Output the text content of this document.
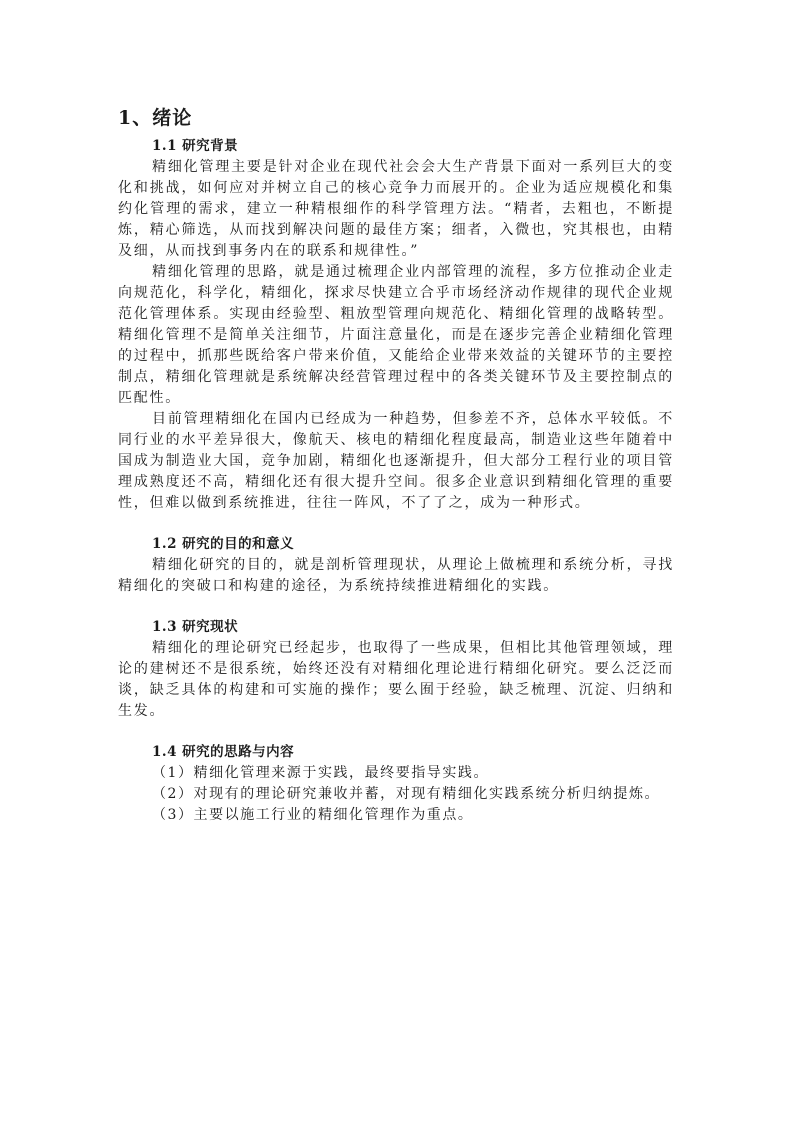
1、绪论
1.1 研究背景

精细化管理主要是针对企业在现代社会会大生产背景下面对一系列巨大的变化和挑战，如何应对并树立自己的核心竞争力而展开的。企业为适应规模化和集约化管理的需求，建立一种精根细作的科学管理方法。“精者，去粗也，不断提炼，精心筛选，从而找到解决问题的最佳方案；细者，入微也，究其根也，由精及细，从而找到事务内在的联系和规律性。”

精细化管理的思路，就是通过梳理企业内部管理的流程，多方位推动企业走向规范化，科学化，精细化，探求尽快建立合乎市场经济动作规律的现代企业规范化管理体系。实现由经验型、粗放型管理向规范化、精细化管理的战略转型。精细化管理不是简单关注细节，片面注意量化，而是在逐步完善企业精细化管理的过程中，抓那些既给客户带来价值，又能给企业带来效益的关键环节的主要控制点，精细化管理就是系统解决经营管理过程中的各类关键环节及主要控制点的匹配性。

目前管理精细化在国内已经成为一种趋势，但参差不齐，总体水平较低。不同行业的水平差异很大，像航天、核电的精细化程度最高，制造业这些年随着中国成为制造业大国，竞争加剧，精细化也逐渐提升，但大部分工程行业的项目管理成熟度还不高，精细化还有很大提升空间。很多企业意识到精细化管理的重要性，但难以做到系统推进，往往一阵风，不了了之，成为一种形式。

1.2 研究的目的和意义

精细化研究的目的，就是剖析管理现状，从理论上做梳理和系统分析，寻找精细化的突破口和构建的途径，为系统持续推进精细化的实践。

1.3 研究现状

精细化的理论研究已经起步，也取得了一些成果，但相比其他管理领域，理论的建树还不是很系统，始终还没有对精细化理论进行精细化研究。要么泛泛而谈，缺乏具体的构建和可实施的操作；要么囿于经验，缺乏梳理、沉淀、归纳和生发。

1.4 研究的思路与内容

（1）精细化管理来源于实践，最终要指导实践。

（2）对现有的理论研究兼收并蓄，对现有精细化实践系统分析归纳提炼。

（3）主要以施工行业的精细化管理作为重点。
